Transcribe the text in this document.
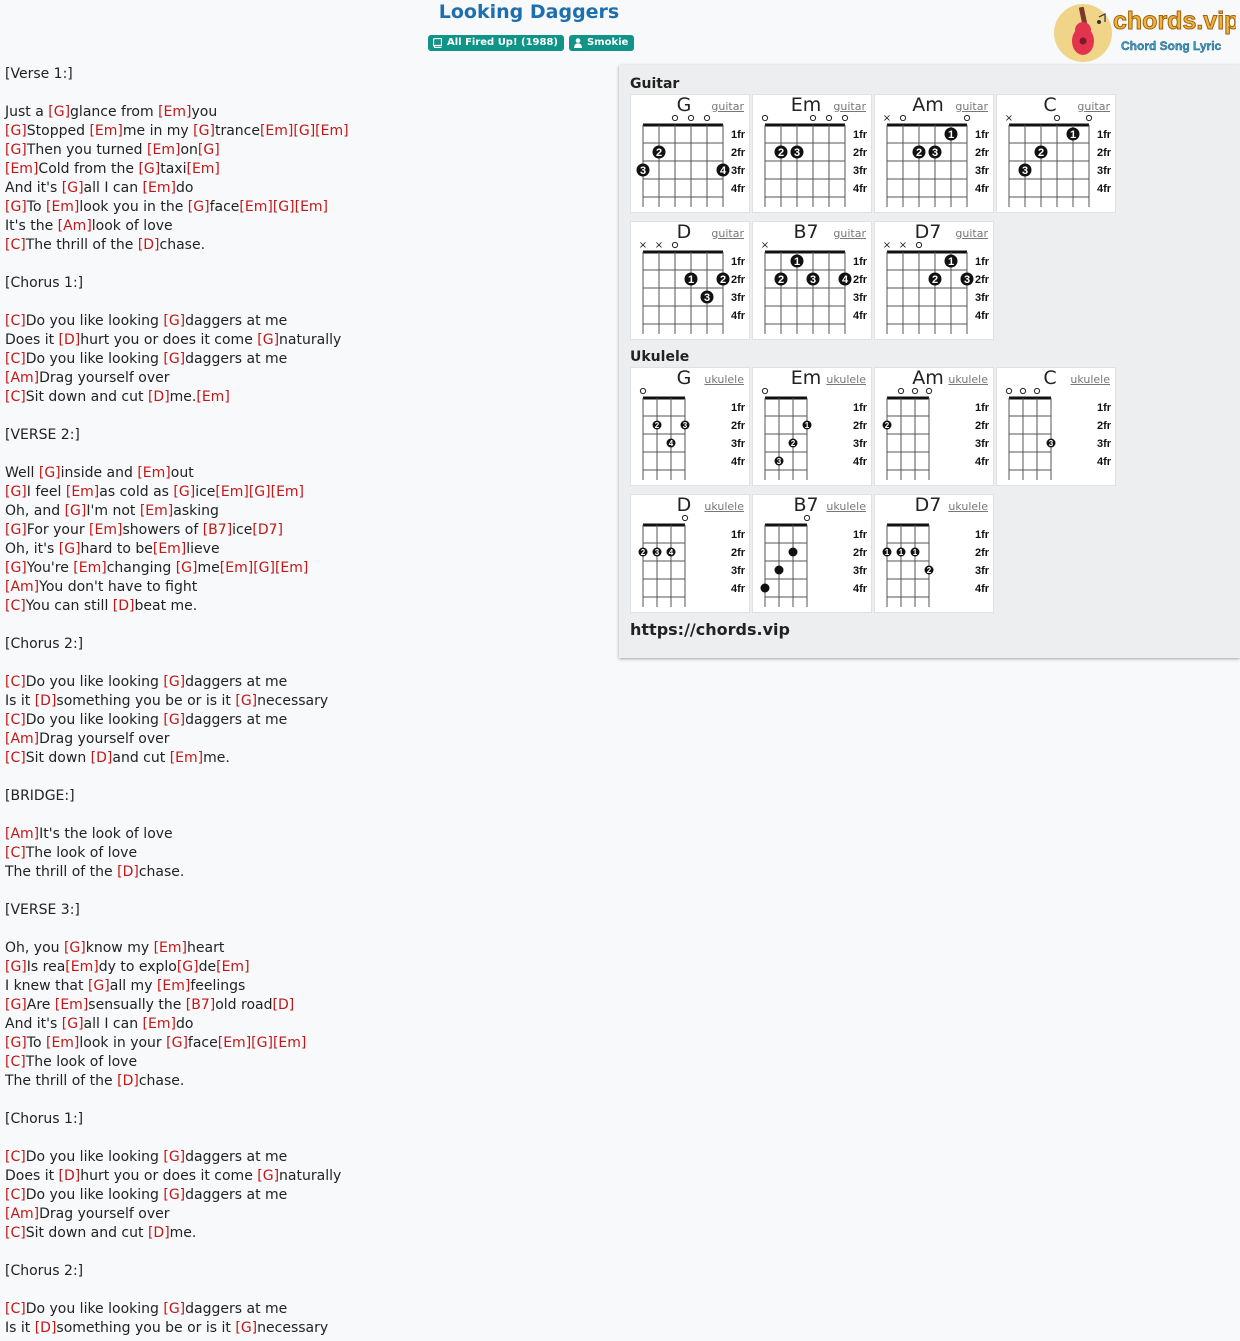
Looking Daggers
All Fired Up! (1988)	Smokie
chords.vip
Chord Song Lyric
[Verse 1:]
Just a [G]glance from [Em]you
[G]Stopped [Em]me in my [G]trance[Em][G][Em]
[G]Then you turned [Em]on[G]
[Em]Cold from the [G]taxi[Em]
And it's [G]all I can [Em]do
[G]To [Em]look you in the [G]face[Em][G][Em]
It's the [Am]look of love
[C]The thrill of the [D]chase.
[Chorus 1:]
[C]Do you like looking [G]daggers at me
Does it [D]hurt you or does it come [G]naturally
[C]Do you like looking [G]daggers at me
[Am]Drag yourself over
[C]Sit down and cut [D]me.[Em]
[VERSE 2:]
Well [G]inside and [Em]out
[G]I feel [Em]as cold as [G]ice[Em][G][Em]
Oh, and [G]I'm not [Em]asking
[G]For your [Em]showers of [B7]ice[D7]
Oh, it's [G]hard to be[Em]lieve
[G]You're [Em]changing [G]me[Em][G][Em]
[Am]You don't have to fight
[C]You can still [D]beat me.
[Chorus 2:]
[C]Do you like looking [G]daggers at me
Is it [D]something you be or is it [G]necessary
[C]Do you like looking [G]daggers at me
[Am]Drag yourself over
[C]Sit down [D]and cut [Em]me.
[BRIDGE:]
[Am]It's the look of love
[C]The look of love
The thrill of the [D]chase.
[VERSE 3:]
Oh, you [G]know my [Em]heart
[G]Is rea[Em]dy to explo[G]de[Em]
I knew that [G]all my [Em]feelings
[G]Are [Em]sensually the [B7]old road[D]
And it's [G]all I can [Em]do
[G]To [Em]look in your [G]face[Em][G][Em]
[C]The look of love
The thrill of the [D]chase.
[Chorus 1:]
[C]Do you like looking [G]daggers at me
Does it [D]hurt you or does it come [G]naturally
[C]Do you like looking [G]daggers at me
[Am]Drag yourself over
[C]Sit down and cut [D]me.
[Chorus 2:]
[C]Do you like looking [G]daggers at me
Is it [D]something you be or is it [G]necessary
Guitar
G	guitar
1fr
2fr
3fr
4fr
3
2
4
Em	guitar
1fr
2fr
3fr
4fr
2 3
Am	guitar
1fr
2fr
3fr
4fr
×
2 3
1
C	guitar
1fr
2fr
3fr
4fr
×
3
2
1
D	guitar
1fr
2fr
3fr
4fr
× ×
1
3
2
B7	guitar
1fr
2fr
3fr
4fr
×
2
1
3 4
D7	guitar
1fr
2fr
3fr
4fr
× ×
2
1
3
Ukulele
G	ukulele
1fr
2fr
3fr
4fr
2
4
3
Em ukulele
1fr
2fr
3fr
4fr
3
2
1
Am ukulele
1fr
2fr
3fr
4fr
2
C	ukulele
1fr
2fr
3fr
4fr
3
D	ukulele
1fr
2fr
3fr
4fr
2 3 4
B7 ukulele
1fr
2fr
3fr
4fr
D7 ukulele
1fr
2fr
3fr
4fr
1 1 1
2
https://chords.vip
